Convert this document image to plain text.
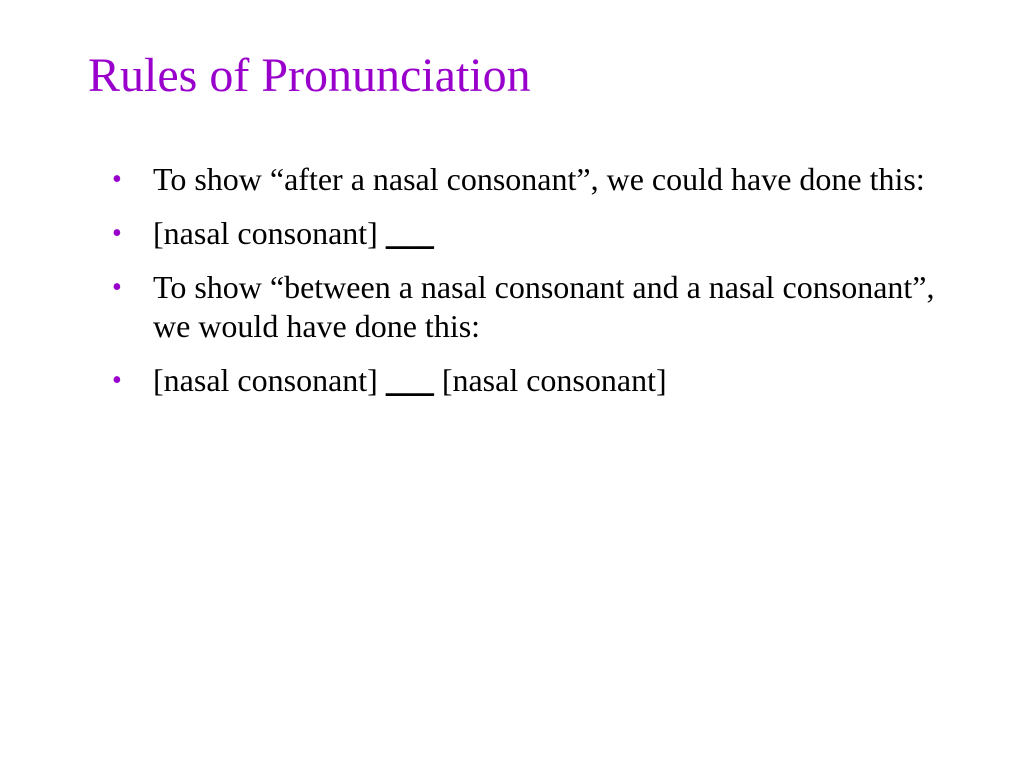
Rules of Pronunciation
• To show “after a nasal consonant”, we could have done this:
• [nasal consonant] ___
• To show “between a nasal consonant and a nasal consonant”, we would have done this:
• [nasal consonant] ___ [nasal consonant]
